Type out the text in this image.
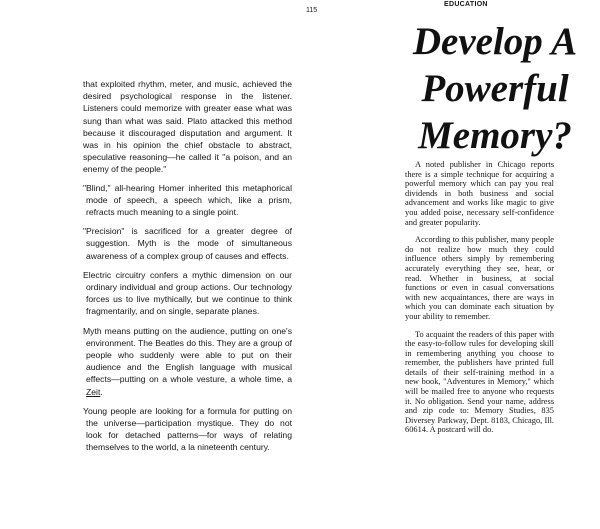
115

that exploited rhythm, meter, and music, achieved the desired psychological response in the listener. Listeners could memorize with greater ease what was sung than what was said. Plato attacked this method because it discouraged disputation and argument. It was in his opinion the chief obstacle to abstract, speculative reasoning—he called it "a poison, and an enemy of the people."

"Blind," all-hearing Homer inherited this metaphorical mode of speech, a speech which, like a prism, refracts much meaning to a single point.

"Precision" is sacrificed for a greater degree of suggestion. Myth is the mode of simultaneous awareness of a complex group of causes and effects.

Electric circuitry confers a mythic dimension on our ordinary individual and group actions. Our technology forces us to live mythically, but we continue to think fragmentarily, and on single, separate planes.

Myth means putting on the audience, putting on one's environment. The Beatles do this. They are a group of people who suddenly were able to put on their audience and the English language with musical effects—putting on a whole vesture, a whole time, a Zeit.

Young people are looking for a formula for putting on the universe—participation mystique. They do not look for detached patterns—for ways of relating themselves to the world, a la nineteenth century.

EDUCATION
Develop A
Powerful
Memory?

A noted publisher in Chicago reports there is a simple technique for acquiring a powerful memory which can pay you real dividends in both business and social advancement and works like magic to give you added poise, necessary self-confidence and greater popularity.

According to this publisher, many people do not realize how much they could influence others simply by remembering accurately everything they see, hear, or read. Whether in business, at social functions or even in casual conversations with new acquaintances, there are ways in which you can dominate each situation by your ability to remember.

To acquaint the readers of this paper with the easy-to-follow rules for developing skill in remembering anything you choose to remember, the publishers have printed full details of their self-training method in a new book, "Adventures in Memory," which will be mailed free to anyone who requests it. No obligation. Send your name, address and zip code to: Memory Studies, 835 Diversey Parkway, Dept. 8183, Chicago, Ill. 60614. A postcard will do.
